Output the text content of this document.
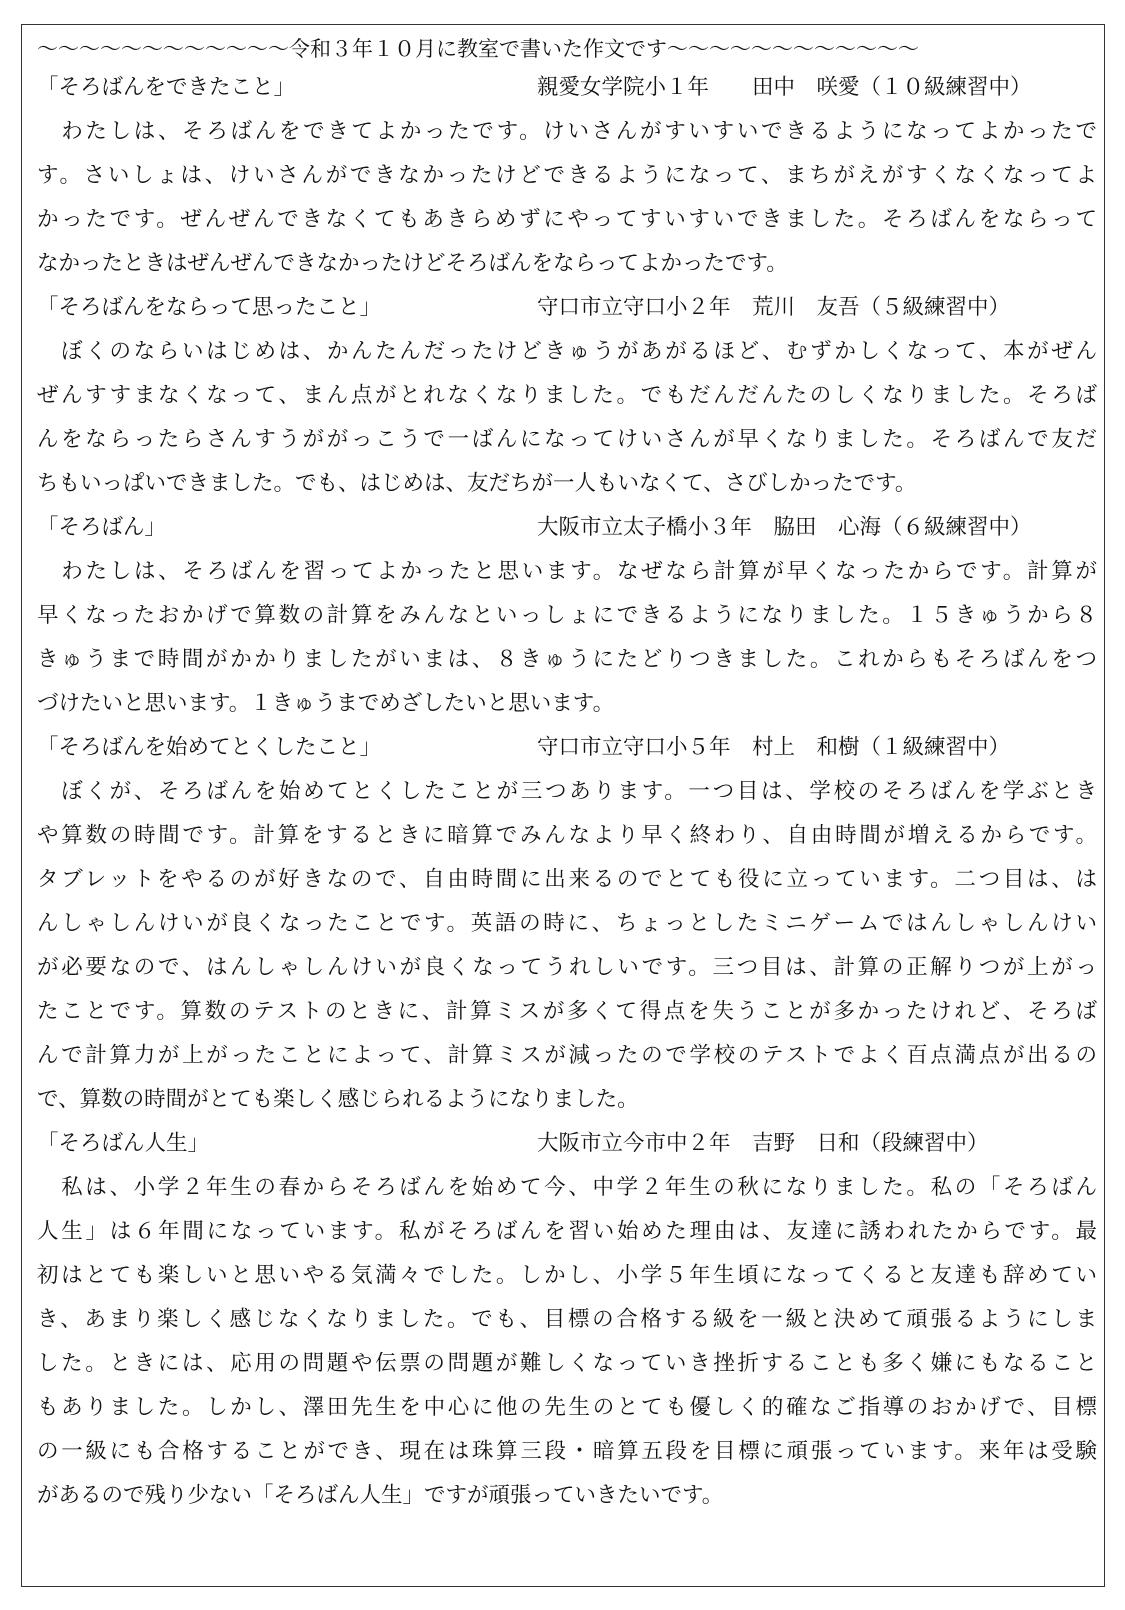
〜〜〜〜〜〜〜〜〜〜〜〜令和３年１０月に教室で書いた作文です〜〜〜〜〜〜〜〜〜〜〜〜
「そろばんをできたこと」	親愛女学院小１年　　田中　咲愛（１０級練習中）
　わたしは、そろばんをできてよかったです。けいさんがすいすいできるようになってよかったで
す。さいしょは、けいさんができなかったけどできるようになって、まちがえがすくなくなってよ
かったです。ぜんぜんできなくてもあきらめずにやってすいすいできました。そろばんをならって
なかったときはぜんぜんできなかったけどそろばんをならってよかったです。
「そろばんをならって思ったこと」	守口市立守口小２年　荒川　友吾（５級練習中）
　ぼくのならいはじめは、かんたんだったけどきゅうがあがるほど、むずかしくなって、本がぜん
ぜんすすまなくなって、まん点がとれなくなりました。でもだんだんたのしくなりました。そろば
んをならったらさんすうががっこうで一ばんになってけいさんが早くなりました。そろばんで友だ
ちもいっぱいできました。でも、はじめは、友だちが一人もいなくて、さびしかったです。
「そろばん」	大阪市立太子橋小３年　脇田　心海（６級練習中）
　わたしは、そろばんを習ってよかったと思います。なぜなら計算が早くなったからです。計算が
早くなったおかげで算数の計算をみんなといっしょにできるようになりました。１５きゅうから８
きゅうまで時間がかかりましたがいまは、８きゅうにたどりつきました。これからもそろばんをつ
づけたいと思います。１きゅうまでめざしたいと思います。
「そろばんを始めてとくしたこと」	守口市立守口小５年　村上　和樹（１級練習中）
　ぼくが、そろばんを始めてとくしたことが三つあります。一つ目は、学校のそろばんを学ぶとき
や算数の時間です。計算をするときに暗算でみんなより早く終わり、自由時間が増えるからです。
タブレットをやるのが好きなので、自由時間に出来るのでとても役に立っています。二つ目は、は
んしゃしんけいが良くなったことです。英語の時に、ちょっとしたミニゲームではんしゃしんけい
が必要なので、はんしゃしんけいが良くなってうれしいです。三つ目は、計算の正解りつが上がっ
たことです。算数のテストのときに、計算ミスが多くて得点を失うことが多かったけれど、そろば
んで計算力が上がったことによって、計算ミスが減ったので学校のテストでよく百点満点が出るの
で、算数の時間がとても楽しく感じられるようになりました。
「そろばん人生」	大阪市立今市中２年　吉野　日和（段練習中）
　私は、小学２年生の春からそろばんを始めて今、中学２年生の秋になりました。私の「そろばん
人生」は６年間になっています。私がそろばんを習い始めた理由は、友達に誘われたからです。最
初はとても楽しいと思いやる気満々でした。しかし、小学５年生頃になってくると友達も辞めてい
き、あまり楽しく感じなくなりました。でも、目標の合格する級を一級と決めて頑張るようにしま
した。ときには、応用の問題や伝票の問題が難しくなっていき挫折することも多く嫌にもなること
もありました。しかし、澤田先生を中心に他の先生のとても優しく的確なご指導のおかげで、目標
の一級にも合格することができ、現在は珠算三段・暗算五段を目標に頑張っています。来年は受験
があるので残り少ない「そろばん人生」ですが頑張っていきたいです。
